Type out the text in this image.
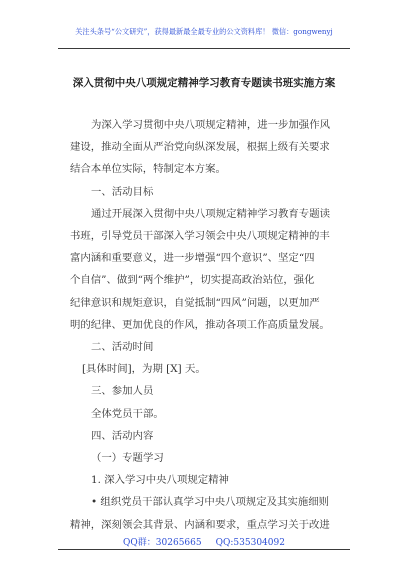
关注头条号“公文研究”，获得最新最全最专业的公文资料库！ 微信：gongwenyj
深入贯彻中央八项规定精神学习教育专题读书班实施方案

为深入学习贯彻中央八项规定精神，进一步加强作风

建设，推动全面从严治党向纵深发展，根据上级有关要求

结合本单位实际，特制定本方案。

一、活动目标

通过开展深入贯彻中央八项规定精神学习教育专题读

书班，引导党员干部深入学习领会中央八项规定精神的丰

富内涵和重要意义，进一步增强“四个意识”、坚定“四

个自信”、做到“两个维护”，切实提高政治站位，强化

纪律意识和规矩意识，自觉抵制“四风”问题，以更加严

明的纪律、更加优良的作风，推动各项工作高质量发展。

二、活动时间

[具体时间]，为期 [X] 天。

三、参加人员

全体党员干部。

四、活动内容

（一）专题学习

1. 深入学习中央八项规定精神

• 组织党员干部认真学习中央八项规定及其实施细则

精神，深刻领会其背景、内涵和要求，重点学习关于改进

QQ群：30265665 QQ:535304092
